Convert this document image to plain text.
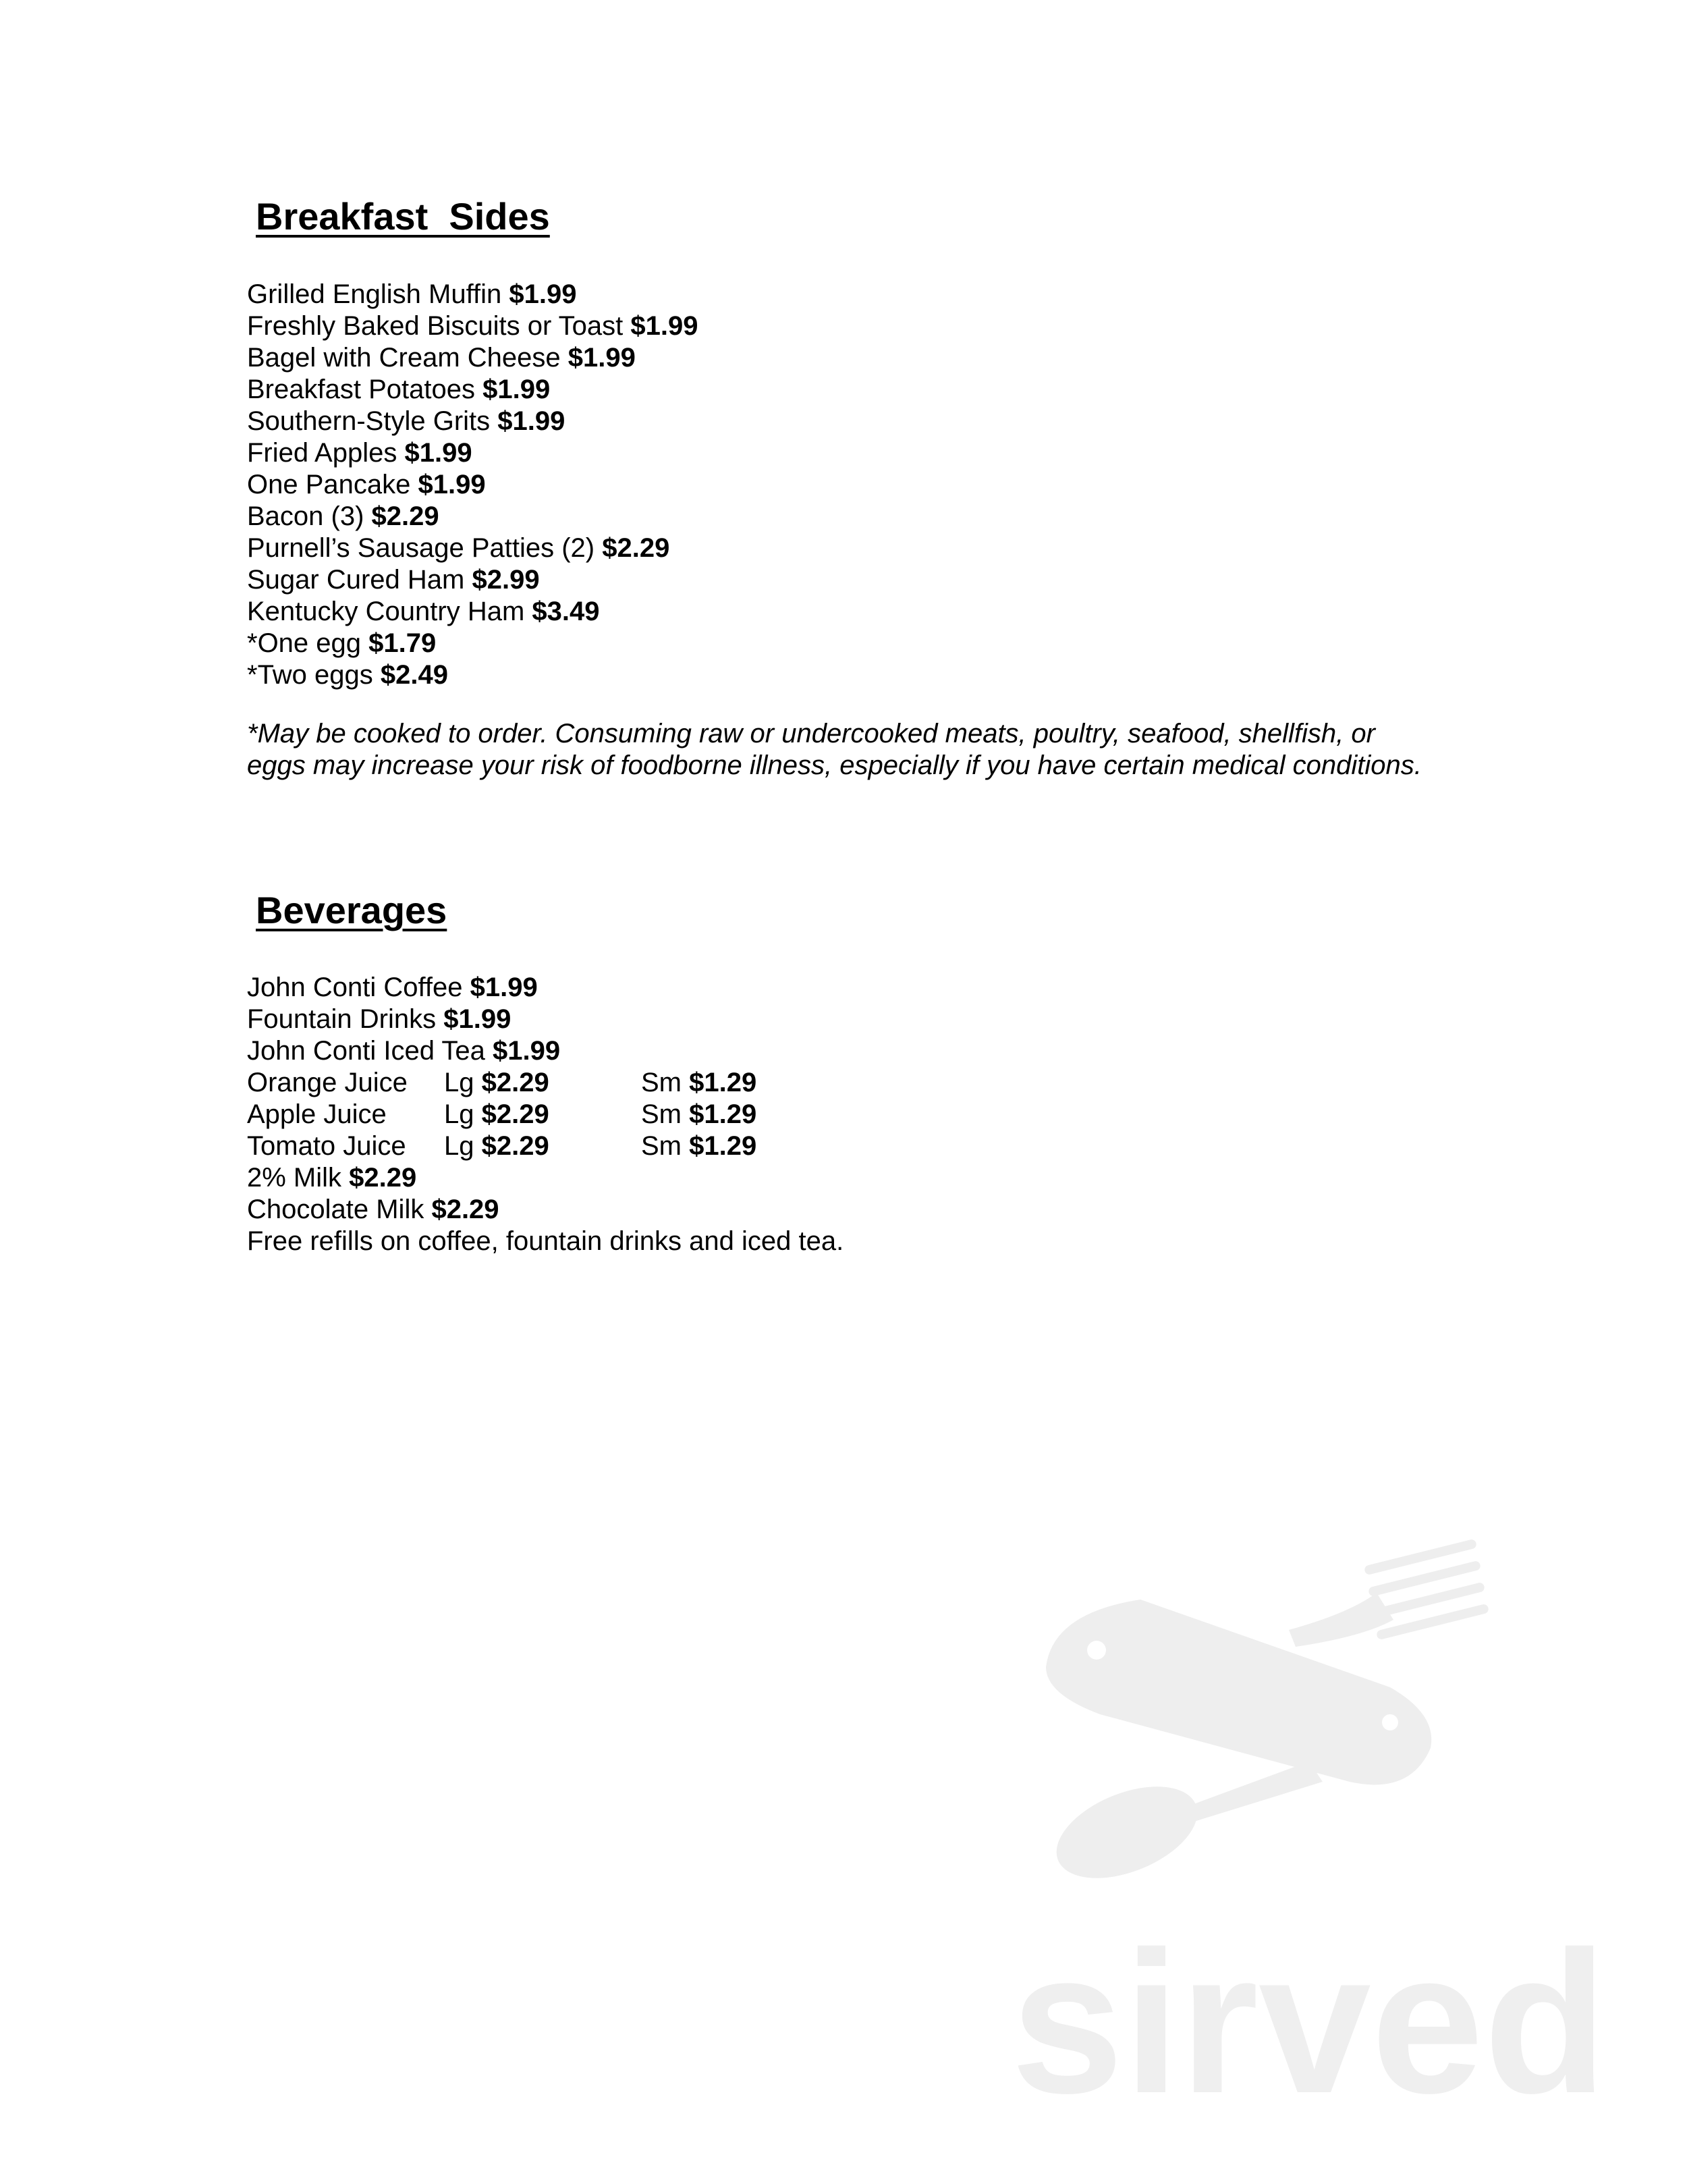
Breakfast  Sides
Grilled English Muffin $1.99
Freshly Baked Biscuits or Toast $1.99
Bagel with Cream Cheese $1.99
Breakfast Potatoes $1.99
Southern-Style Grits $1.99
Fried Apples $1.99
One Pancake $1.99
Bacon (3) $2.29
Purnell’s Sausage Patties (2) $2.29
Sugar Cured Ham $2.99
Kentucky Country Ham $3.49
*One egg $1.79
*Two eggs $2.49

*May be cooked to order. Consuming raw or undercooked meats, poultry, seafood, shellfish, or eggs may increase your risk of foodborne illness, especially if you have certain medical conditions.

Beverages
John Conti Coffee $1.99
Fountain Drinks $1.99
John Conti Iced Tea $1.99
Orange Juice Lg $2.29	Sm $1.29
Apple Juice Lg $2.29	Sm $1.29
Tomato Juice Lg $2.29	Sm $1.29
2% Milk $2.29
Chocolate Milk $2.29
Free refills on coffee, fountain drinks and iced tea.
sirved
